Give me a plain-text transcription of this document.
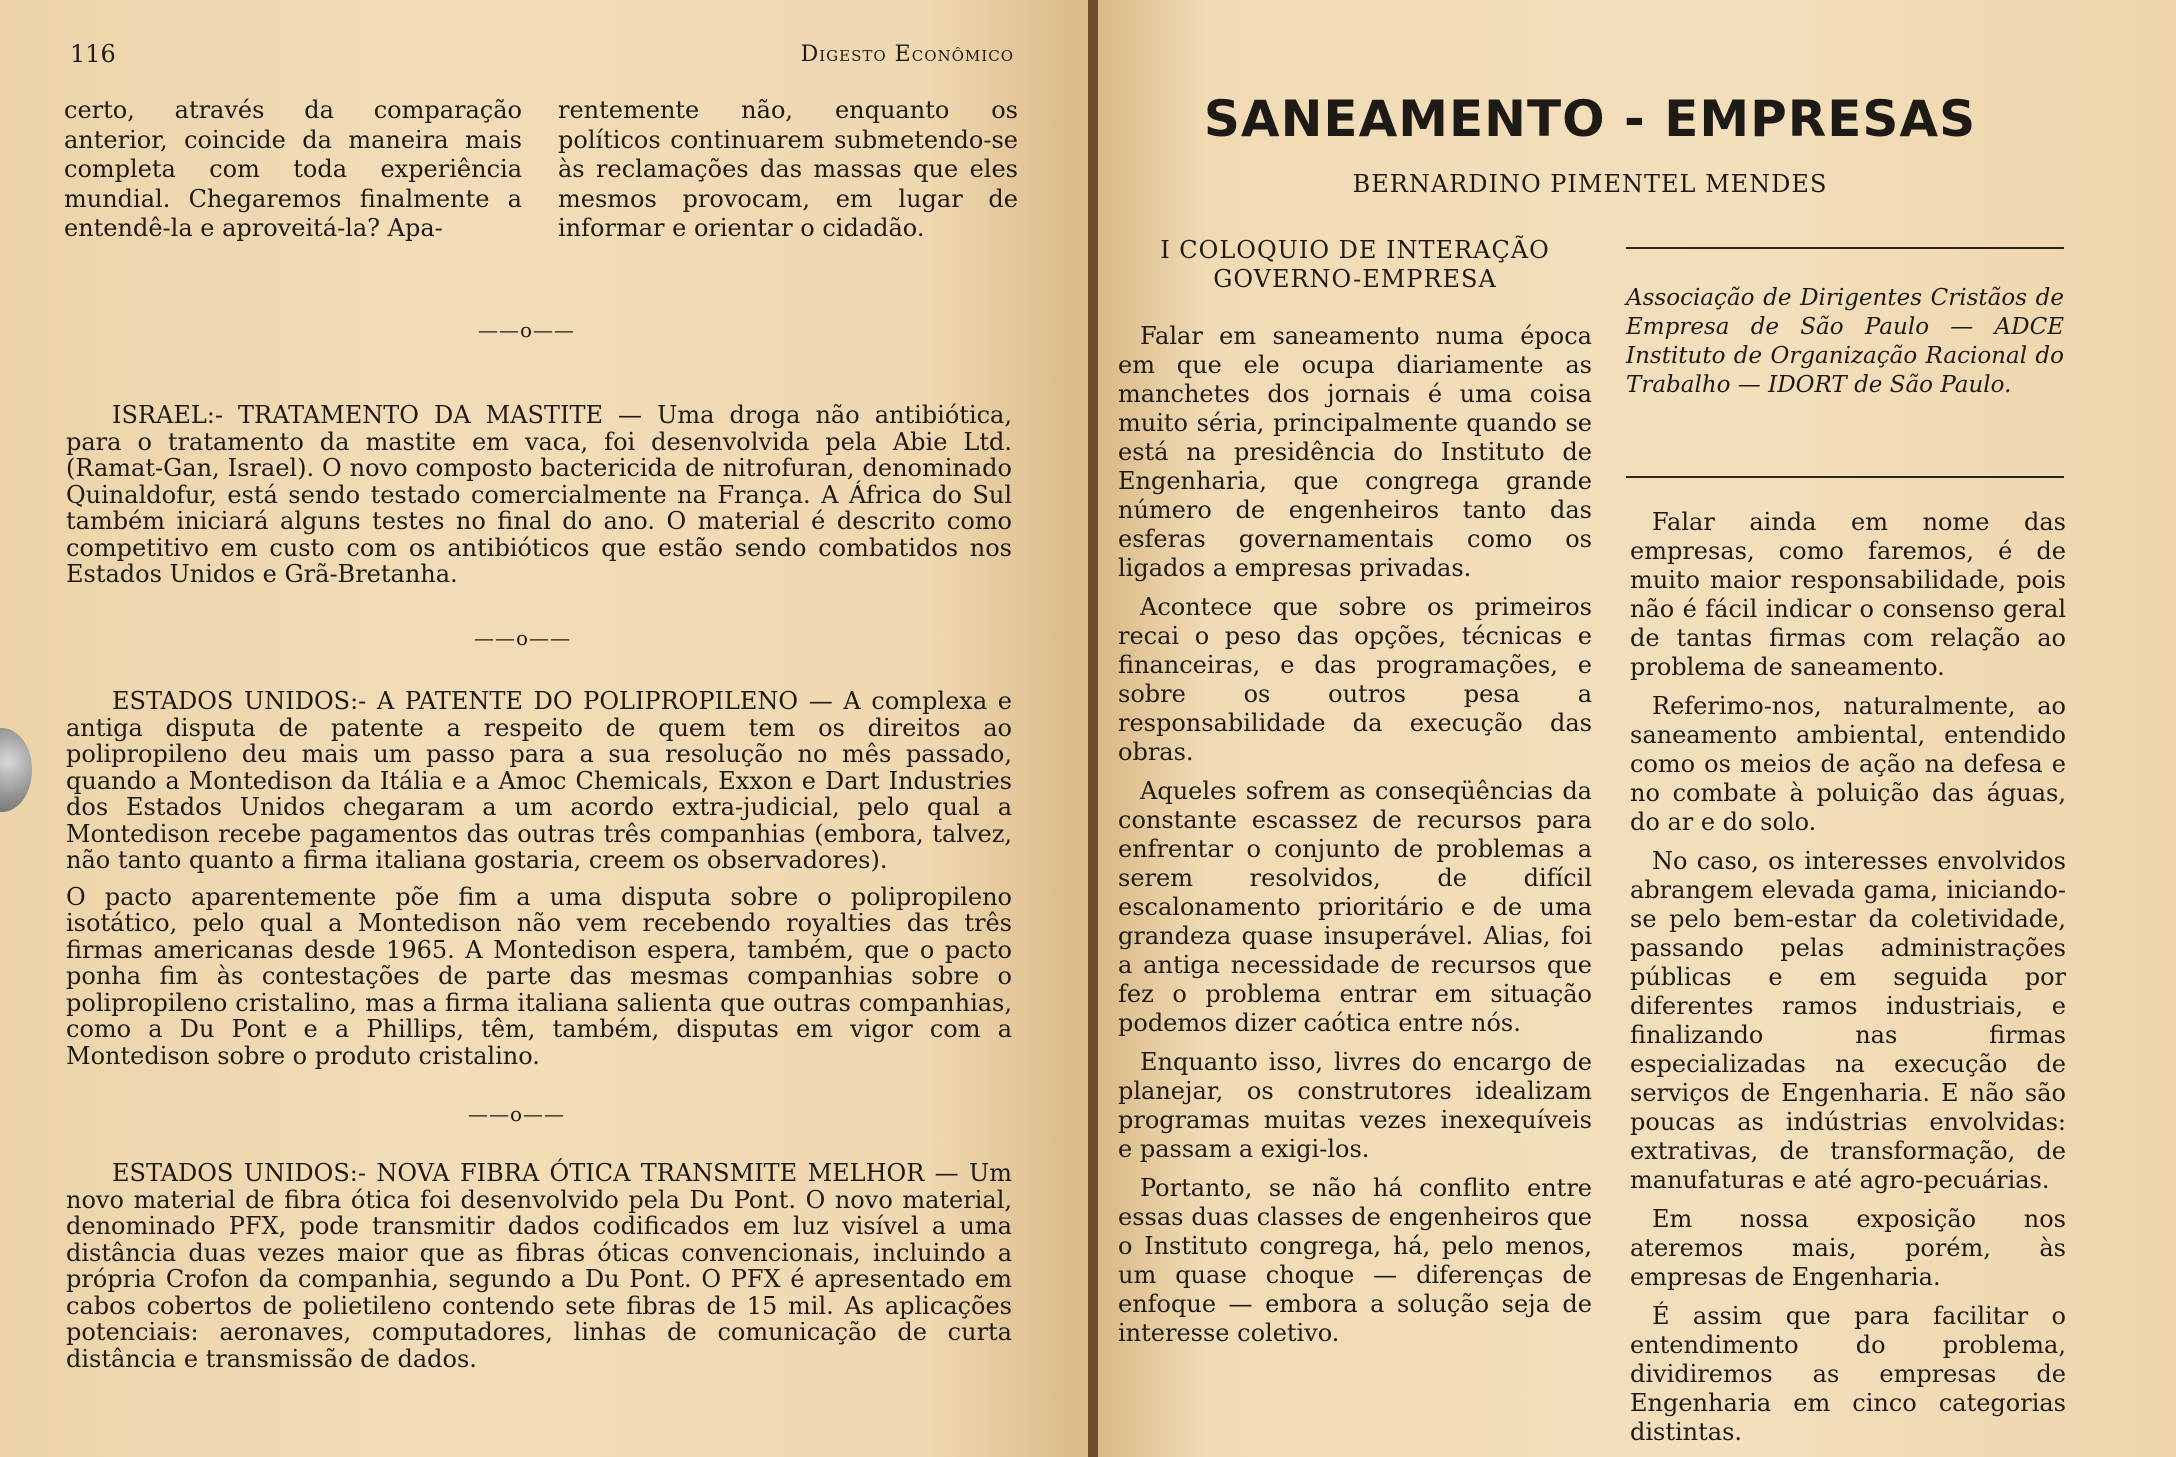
116	Digesto Econômico
certo, através da comparação anterior, coincide da maneira mais completa com toda experiência mundial. Chegaremos finalmente a entendê-la e aproveitá-la? Apa-
rentemente não, enquanto os políticos continuarem submetendo-se às reclamações das massas que eles mesmos provocam, em lugar de informar e orientar o cidadão.
——o——

ISRAEL:- TRATAMENTO DA MASTITE — Uma droga não antibiótica, para o tratamento da mastite em vaca, foi desenvolvida pela Abie Ltd. (Ramat-Gan, Israel). O novo composto bactericida de nitrofuran, denominado Quinaldofur, está sendo testado comercialmente na França. A África do Sul também iniciará alguns testes no final do ano. O material é descrito como competitivo em custo com os antibióticos que estão sendo combatidos nos Estados Unidos e Grã-Bretanha.

——o——

ESTADOS UNIDOS:- A PATENTE DO POLIPROPILENO — A complexa e antiga disputa de patente a respeito de quem tem os direitos ao polipropileno deu mais um passo para a sua resolução no mês passado, quando a Montedison da Itália e a Amoc Chemicals, Exxon e Dart Industries dos Estados Unidos chegaram a um acordo extra-judicial, pelo qual a Montedison recebe pagamentos das outras três companhias (embora, talvez, não tanto quanto a firma italiana gostaria, creem os observadores).

O pacto aparentemente põe fim a uma disputa sobre o polipropileno isotático, pelo qual a Montedison não vem recebendo royalties das três firmas americanas desde 1965. A Montedison espera, também, que o pacto ponha fim às contestações de parte das mesmas companhias sobre o polipropileno cristalino, mas a firma italiana salienta que outras companhias, como a Du Pont e a Phillips, têm, também, disputas em vigor com a Montedison sobre o produto cristalino.

——o——

ESTADOS UNIDOS:- NOVA FIBRA ÓTICA TRANSMITE MELHOR — Um novo material de fibra ótica foi desenvolvido pela Du Pont. O novo material, denominado PFX, pode transmitir dados codificados em luz visível a uma distância duas vezes maior que as fibras óticas convencionais, incluindo a própria Crofon da companhia, segundo a Du Pont. O PFX é apresentado em cabos cobertos de polietileno contendo sete fibras de 15 mil. As aplicações potenciais: aeronaves, computadores, linhas de comunicação de curta distância e transmissão de dados.

SANEAMENTO - EMPRESAS
BERNARDINO PIMENTEL MENDES
I COLOQUIO DE INTERAÇÃO GOVERNO-EMPRESA
Associação de Dirigentes Cristãos de Empresa de São Paulo — ADCE Instituto de Organização Racional do Trabalho — IDORT de São Paulo.

Falar em saneamento numa época em que ele ocupa diariamente as manchetes dos jornais é uma coisa muito séria, principalmente quando se está na presidência do Instituto de Engenharia, que congrega grande número de engenheiros tanto das esferas governamentais como os ligados a empresas privadas.

Acontece que sobre os primeiros recai o peso das opções, técnicas e financeiras, e das programações, e sobre os outros pesa a responsabilidade da execução das obras.

Aqueles sofrem as conseqüências da constante escassez de recursos para enfrentar o conjunto de problemas a serem resolvidos, de difícil escalonamento prioritário e de uma grandeza quase insuperável. Alias, foi a antiga necessidade de recursos que fez o problema entrar em situação podemos dizer caótica entre nós.

Enquanto isso, livres do encargo de planejar, os construtores idealizam programas muitas vezes inexequíveis e passam a exigi-los.

Portanto, se não há conflito entre essas duas classes de engenheiros que o Instituto congrega, há, pelo menos, um quase choque — diferenças de enfoque — embora a solução seja de interesse coletivo.

Falar ainda em nome das empresas, como faremos, é de muito maior responsabilidade, pois não é fácil indicar o consenso geral de tantas firmas com relação ao problema de saneamento.

Referimo-nos, naturalmente, ao saneamento ambiental, entendido como os meios de ação na defesa e no combate à poluição das águas, do ar e do solo.

No caso, os interesses envolvidos abrangem elevada gama, iniciando-se pelo bem-estar da coletividade, passando pelas administrações públicas e em seguida por diferentes ramos industriais, e finalizando nas firmas especializadas na execução de serviços de Engenharia. E não são poucas as indústrias envolvidas: extrativas, de transformação, de manufaturas e até agro-pecuárias.

Em nossa exposição nos ateremos mais, porém, às empresas de Engenharia.

É assim que para facilitar o entendimento do problema, dividiremos as empresas de Engenharia em cinco categorias distintas.
